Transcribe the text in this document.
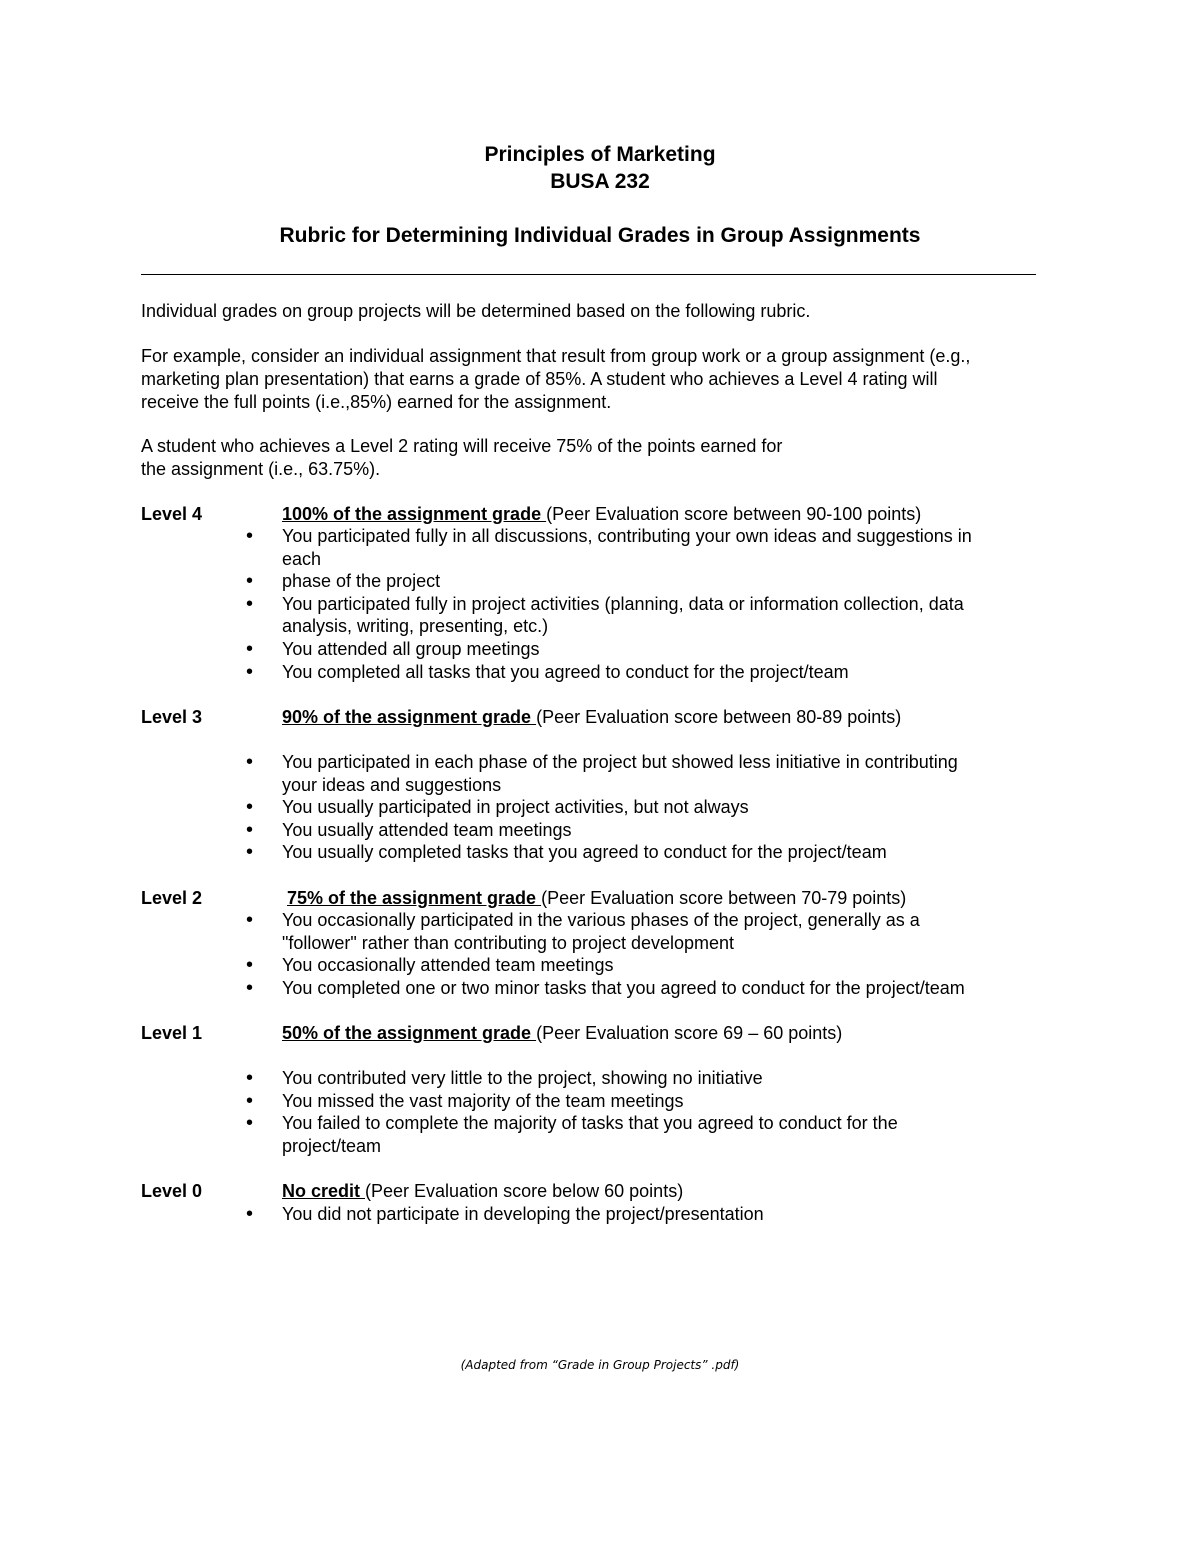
Principles of Marketing
BUSA 232
Rubric for Determining Individual Grades in Group Assignments
Individual grades on group projects will be determined based on the following rubric.
For example, consider an individual assignment that result from group work or a group assignment (e.g.,
marketing plan presentation) that earns a grade of 85%. A student who achieves a Level 4 rating will
receive the full points (i.e.,85%) earned for the assignment.
A student who achieves a Level 2 rating will receive 75% of the points earned for
the assignment (i.e., 63.75%).
Level 4	100% of the assignment grade (Peer Evaluation score between 90-100 points)
• You participated fully in all discussions, contributing your own ideas and suggestions in
each
• phase of the project
• You participated fully in project activities (planning, data or information collection, data
analysis, writing, presenting, etc.)
• You attended all group meetings
• You completed all tasks that you agreed to conduct for the project/team
Level 3	90% of the assignment grade (Peer Evaluation score between 80-89 points)
• You participated in each phase of the project but showed less initiative in contributing
your ideas and suggestions
• You usually participated in project activities, but not always
• You usually attended team meetings
• You usually completed tasks that you agreed to conduct for the project/team
Level 2	75% of the assignment grade (Peer Evaluation score between 70-79 points)
• You occasionally participated in the various phases of the project, generally as a
"follower" rather than contributing to project development
• You occasionally attended team meetings
• You completed one or two minor tasks that you agreed to conduct for the project/team
Level 1	50% of the assignment grade (Peer Evaluation score 69 – 60 points)
• You contributed very little to the project, showing no initiative
• You missed the vast majority of the team meetings
• You failed to complete the majority of tasks that you agreed to conduct for the
project/team
Level 0	No credit (Peer Evaluation score below 60 points)
• You did not participate in developing the project/presentation
(Adapted from “Grade in Group Projects” .pdf)
